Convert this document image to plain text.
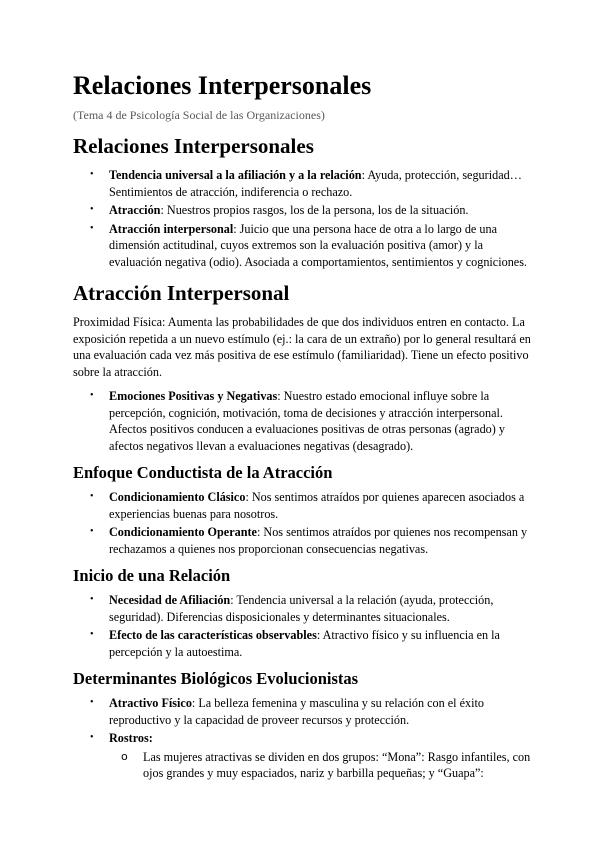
Relaciones Interpersonales
(Tema 4 de Psicología Social de las Organizaciones)
Relaciones Interpersonales
• Tendencia universal a la afiliación y a la relación: Ayuda, protección, seguridad… Sentimientos de atracción, indiferencia o rechazo.
• Atracción: Nuestros propios rasgos, los de la persona, los de la situación.
• Atracción interpersonal: Juicio que una persona hace de otra a lo largo de una dimensión actitudinal, cuyos extremos son la evaluación positiva (amor) y la evaluación negativa (odio). Asociada a comportamientos, sentimientos y cogniciones.
Atracción Interpersonal

Proximidad Física: Aumenta las probabilidades de que dos individuos entren en contacto. La exposición repetida a un nuevo estímulo (ej.: la cara de un extraño) por lo general resultará en una evaluación cada vez más positiva de ese estímulo (familiaridad). Tiene un efecto positivo sobre la atracción.

• Emociones Positivas y Negativas: Nuestro estado emocional influye sobre la percepción, cognición, motivación, toma de decisiones y atracción interpersonal. Afectos positivos conducen a evaluaciones positivas de otras personas (agrado) y afectos negativos llevan a evaluaciones negativas (desagrado).
Enfoque Conductista de la Atracción
• Condicionamiento Clásico: Nos sentimos atraídos por quienes aparecen asociados a experiencias buenas para nosotros.
• Condicionamiento Operante: Nos sentimos atraídos por quienes nos recompensan y rechazamos a quienes nos proporcionan consecuencias negativas.
Inicio de una Relación
• Necesidad de Afiliación: Tendencia universal a la relación (ayuda, protección, seguridad). Diferencias disposicionales y determinantes situacionales.
• Efecto de las características observables: Atractivo físico y su influencia en la percepción y la autoestima.
Determinantes Biológicos Evolucionistas
• Atractivo Físico: La belleza femenina y masculina y su relación con el éxito reproductivo y la capacidad de proveer recursos y protección.
• Rostros:
o Las mujeres atractivas se dividen en dos grupos: “Mona”: Rasgo infantiles, con ojos grandes y muy espaciados, nariz y barbilla pequeñas; y “Guapa”:
